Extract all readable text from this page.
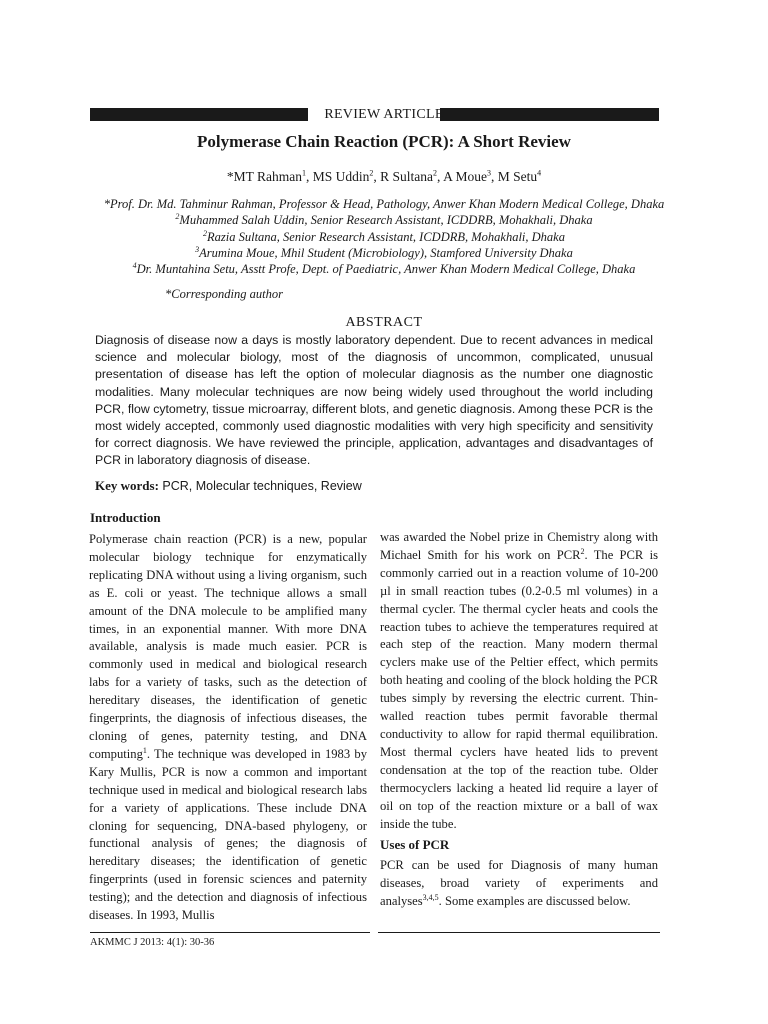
REVIEW ARTICLE
Polymerase Chain Reaction (PCR): A Short Review
*MT Rahman$^1$, MS Uddin$^2$, R Sultana$^2$, A Moue$^3$, M Setu$^4$
*Prof. Dr. Md. Tahminur Rahman, Professor & Head, Pathology, Anwer Khan Modern Medical College, Dhaka
$^2$Muhammed Salah Uddin, Senior Research Assistant, ICDDRB, Mohakhali, Dhaka
$^2$Razia Sultana, Senior Research Assistant, ICDDRB, Mohakhali, Dhaka
$^3$Arumina Moue, Mhil Student (Microbiology), Stamfored University Dhaka
$^4$Dr. Muntahina Setu, Asstt Profe, Dept. of Paediatric, Anwer Khan Modern Medical College, Dhaka
*Corresponding author
ABSTRACT
Diagnosis of disease now a days is mostly laboratory dependent. Due to recent advances in medical science and molecular biology, most of the diagnosis of uncommon, complicated, unusual presentation of disease has left the option of molecular diagnosis as the number one diagnostic modalities. Many molecular techniques are now being widely used throughout the world including PCR, flow cytometry, tissue microarray, different blots, and genetic diagnosis. Among these PCR is the most widely accepted, commonly used diagnostic modalities with very high specificity and sensitivity for correct diagnosis. We have reviewed the principle, application, advantages and disadvantages of PCR in laboratory diagnosis of disease.
Key words: PCR, Molecular techniques, Review
Introduction
Polymerase chain reaction (PCR) is a new, popular molecular biology technique for enzymatically replicating DNA without using a living organism, such as E. coli or yeast. The technique allows a small amount of the DNA molecule to be amplified many times, in an exponential manner. With more DNA available, analysis is made much easier. PCR is commonly used in medical and biological research labs for a variety of tasks, such as the detection of hereditary diseases, the identification of genetic fingerprints, the diagnosis of infectious diseases, the cloning of genes, paternity testing, and DNA computing$^1$. The technique was developed in 1983 by Kary Mullis, PCR is now a common and important technique used in medical and biological research labs for a variety of applications. These include DNA cloning for sequencing, DNA-based phylogeny, or functional analysis of genes; the diagnosis of hereditary diseases; the identification of genetic fingerprints (used in forensic sciences and paternity testing); and the detection and diagnosis of infectious diseases. In 1993, Mullis
was awarded the Nobel prize in Chemistry along with Michael Smith for his work on PCR$^2$. The PCR is commonly carried out in a reaction volume of 10-200 µl in small reaction tubes (0.2-0.5 ml volumes) in a thermal cycler. The thermal cycler heats and cools the reaction tubes to achieve the temperatures required at each step of the reaction. Many modern thermal cyclers make use of the Peltier effect, which permits both heating and cooling of the block holding the PCR tubes simply by reversing the electric current. Thin-walled reaction tubes permit favorable thermal conductivity to allow for rapid thermal equilibration. Most thermal cyclers have heated lids to prevent condensation at the top of the reaction tube. Older thermocyclers lacking a heated lid require a layer of oil on top of the reaction mixture or a ball of wax inside the tube.
Uses of PCR
PCR can be used for Diagnosis of many human diseases, broad variety of experiments and analyses$^{3,4,5}$. Some examples are discussed below.
AKMMC J 2013: 4(1): 30-36
